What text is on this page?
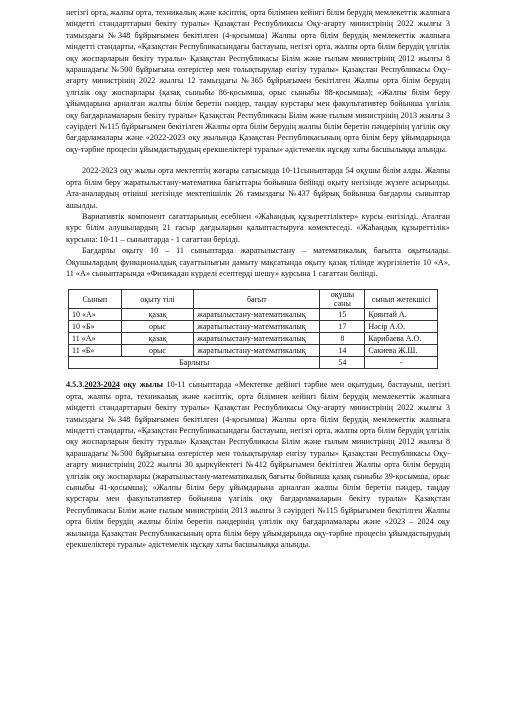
негізгі орта, жалпы орта, техникалық және кәсіптік, орта білімнен кейінгі білім берудің мемлекеттік жалпыға міндетті стандарттарын бекіту туралы» Қазақстан Республикасы Оқу-ағарту министрінің 2022 жылғы 3 тамыздағы №348 бұйрығымен бекітілген (4-қосымша) Жалпы орта білім берудің мемлекеттік жалпыға міндетті стандарты, «Қазақстан Республикасындағы бастауыш, негізгі орта, жалпы орта білім берудің үлгілік оқу жоспарларын бекіту туралы» Қазақстан Республикасы Білім және ғылым министрінің 2012 жылғы 8 қарашадағы №500 бұйрығына өзгерістер мен толықтырулар енгізу туралы» Қазақстан Республикасы Оқу-ағарту министрінің 2022 жылғы 12 тамыздағы №365 бұйрығымен бекітілген Жалпы орта білім берудің үлгілік оқу жоспарлары (қазақ сыныбы 86-қосымша, орыс сыныбы 88-қосымша); «Жалпы білім беру ұйымдарына арналған жалпы білім беретін пәндер, таңдау курстары мен факультативтер бойынша үлгілік оқу бағдарламаларын бекіту туралы» Қазақстан Республикасы Білім және ғылым министрінің 2013 жылғы 3 сәуірдегі №115 бұйрығымен бекітілген Жалпы орта білім берудің жалпы білім беретін пәндерінің үлгілік оқу бағдарламалары және «2022-2023 оқу жылында Қазақстан Республикасының орта білім беру ұйымдарында оқу-тәрбие процесін ұйымдастырудың ерекшеліктері туралы» әдістемелік нұсқау хаты басшылыққа алынды.

2022-2023 оқу жылы орта мектептің жоғары сатысында 10-11сыныптарда 54 оқушы білім алды. Жалпы орта білім беру жаратылыстану-математика бағыттары бойынша бейінді оқыту негізінде жүзеге асырылды. Ата-аналардың өтініші негізінде мектепішілік 26 тамыздағы №437 бұйрық бойынша бағдарлы сыныптар ашылды.

Вариативтік компонент сағаттарының есебінен «Жаһандық құзыреттіліктер» курсы енгізілді. Аталған курс білім алушылардың 21 ғасыр дағдыларын қалыптастыруға көмектеседі. «Жаһандық құзыреттілік» курсына: 10-11 – сыныптарда - 1 сағаттан берілді.

Бағдарлы оқыту 10 – 11 сыныптарда жаратылыстану – математикалық бағытта оқытылады. Оқушылардың функционалдық сауаттылығын дамыту мақсатында оқыту қазақ тілінде жүргізілетін 10 «А», 11 «А» сыныптарында «Физикадан күрделі есептерді шешу» курсына 1 сағаттан бөлінді.

Сынып	оқыту тілі	бағыт	оқушы саны	сынып жетекшісі
10 «А»	қазақ	жаратылыстану-математикалық	15	Қоянтай А.
10 «Б»	орыс	жаратылыстану-математикалық	17	Нәсір А.О.
11 «А»	қазақ	жаратылыстану-математикалық	8	Карибаева А.О.
11 «Б»	орыс	жаратылыстану-математикалық	14	Сакиева Ж.Ш.
Барлығы			54	-

4.5.3.2023-2024 оқу жылы 10-11 сыныптарда «Мектепке дейінгі тәрбие мен оқытудың, бастауыш, негізгі орта, жалпы орта, техникалық және кәсіптік, орта білімнен кейінгі білім берудің мемлекеттік жалпыға міндетті стандарттарын бекіту туралы» Қазақстан Республикасы Оқу-ағарту министрінің 2022 жылғы 3 тамыздағы №348 бұйрығымен бекітілген (4-қосымша) Жалпы орта білім берудің мемлекеттік жалпыға міндетті стандарты, «Қазақстан Республикасындағы бастауыш, негізгі орта, жалпы орта білім берудің үлгілік оқу жоспарларын бекіту туралы» Қазақстан Республикасы Білім және ғылым министрінің 2012 жылғы 8 қарашадағы №500 бұйрығына өзгерістер мен толықтырулар енгізу туралы» Қазақстан Республикасы Оқу-ағарту министрінің 2022 жылғы 30 қыркүйектегі №412 бұйрығымен бекітілген Жалпы орта білім берудің үлгілік оқу жоспарлары (жаратылыстану-математикалық бағыты бойынша қазақ сыныбы 39-қосымша, орыс сыныбы 41-қосымша); «Жалпы білім беру ұйымдарына арналған жалпы білім беретін пәндер, таңдау курстары мен факультативтер бойынша үлгілік оқу бағдарламаларын бекіту туралы» Қазақстан Республикасы Білім және ғылым министрінің 2013 жылғы 3 сәуірдегі №115 бұйрығымен бекітілген Жалпы орта білім берудің жалпы білім беретін пәндерінің үлгілік оқу бағдарламалары және «2023 – 2024 оқу жылында Қазақстан Республикасының орта білім беру ұйымдарында оқу-тәрбие процесін ұйымдастырудың ерекшеліктері туралы» әдістемелік нұсқау хаты басшылыққа алынды.
